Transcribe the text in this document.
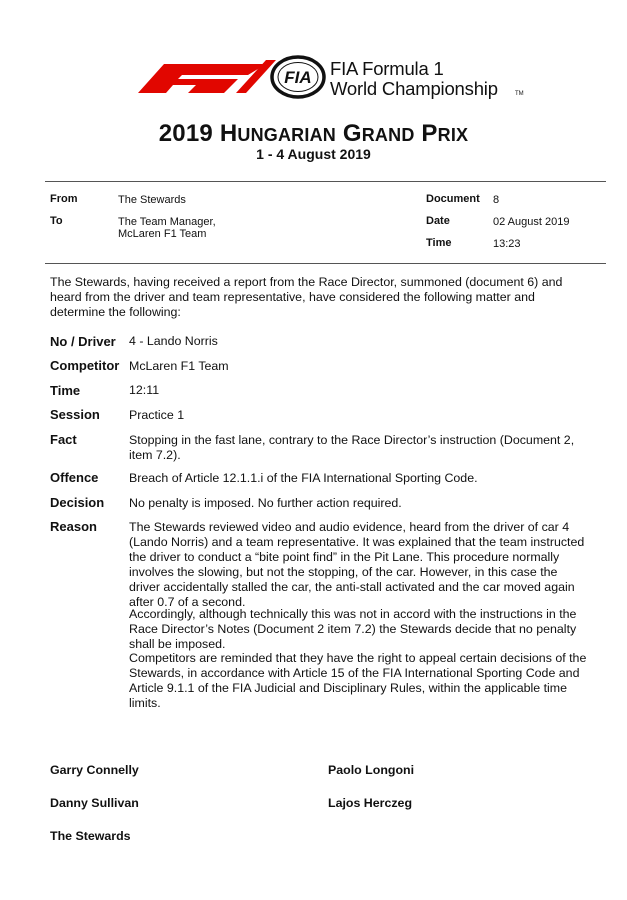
FIA FIA Formula 1
World Championship	TM
2019 HUNGARIAN GRAND PRIX
1 - 4 August 2019
From	The Stewards
To	The Team Manager,
McLaren F1 Team
Document 8
Date	02 August 2019
Time	13:23
The Stewards, having received a report from the Race Director, summoned (document 6) and heard from the driver and team representative, have considered the following matter and determine the following:
No / Driver 4 - Lando Norris
Competitor McLaren F1 Team
Time	12:11
Session Practice 1
Fact	Stopping in the fast lane, contrary to the Race Director’s instruction (Document 2, item 7.2).
Offence Breach of Article 12.1.1.i of the FIA International Sporting Code.
Decision No penalty is imposed. No further action required.
Reason	The Stewards reviewed video and audio evidence, heard from the driver of car 4 (Lando Norris) and a team representative. It was explained that the team instructed the driver to conduct a “bite point find” in the Pit Lane. This procedure normally involves the slowing, but not the stopping, of the car. However, in this case the driver accidentally stalled the car, the anti-stall activated and the car moved again after 0.7 of a second.
Accordingly, although technically this was not in accord with the instructions in the Race Director’s Notes (Document 2 item 7.2) the Stewards decide that no penalty shall be imposed.
Competitors are reminded that they have the right to appeal certain decisions of the Stewards, in accordance with Article 15 of the FIA International Sporting Code and Article 9.1.1 of the FIA Judicial and Disciplinary Rules, within the applicable time limits.
Garry Connelly	Paolo Longoni
Danny Sullivan	Lajos Herczeg
The Stewards
